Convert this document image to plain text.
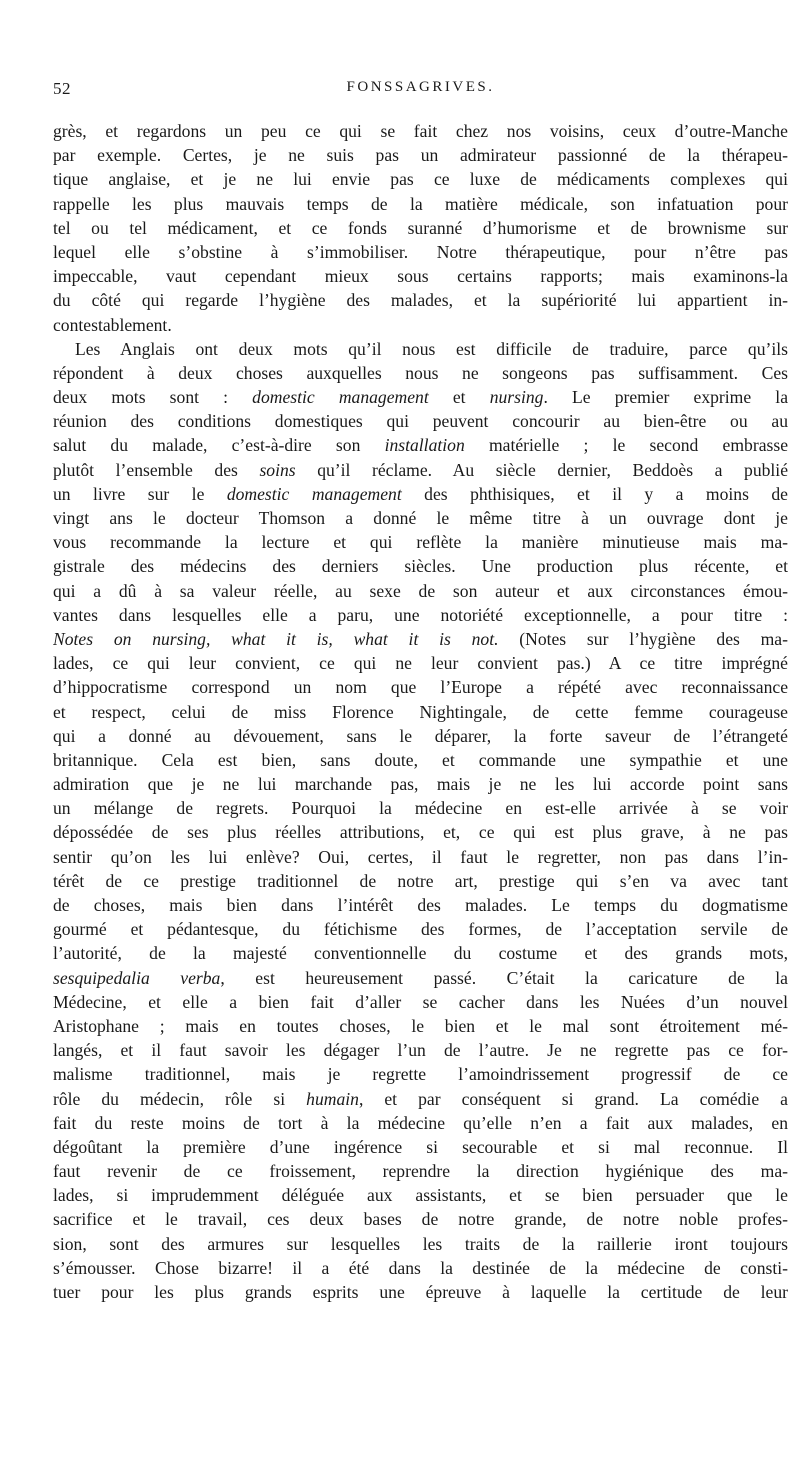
52	FONSSAGRIVES.
grès, et regardons un peu ce qui se fait chez nos voisins, ceux d’outre-Manche
par exemple. Certes, je ne suis pas un admirateur passionné de la thérapeu-
tique anglaise, et je ne lui envie pas ce luxe de médicaments complexes qui
rappelle les plus mauvais temps de la matière médicale, son infatuation pour
tel ou tel médicament, et ce fonds suranné d’humorisme et de brownisme sur
lequel elle s’obstine à s’immobiliser. Notre thérapeutique, pour n’être pas
impeccable, vaut cependant mieux sous certains rapports; mais examinons-la
du côté qui regarde l’hygiène des malades, et la supériorité lui appartient in-
contestablement.
Les Anglais ont deux mots qu’il nous est difficile de traduire, parce qu’ils
répondent à deux choses auxquelles nous ne songeons pas suffisamment. Ces
deux mots sont : domestic management et nursing. Le premier exprime la
réunion des conditions domestiques qui peuvent concourir au bien-être ou au
salut du malade, c’est-à-dire son installation matérielle ; le second embrasse
plutôt l’ensemble des soins qu’il réclame. Au siècle dernier, Beddoès a publié
un livre sur le domestic management des phthisiques, et il y a moins de
vingt ans le docteur Thomson a donné le même titre à un ouvrage dont je
vous recommande la lecture et qui reflète la manière minutieuse mais ma-
gistrale des médecins des derniers siècles. Une production plus récente, et
qui a dû à sa valeur réelle, au sexe de son auteur et aux circonstances émou-
vantes dans lesquelles elle a paru, une notoriété exceptionnelle, a pour titre :
Notes on nursing, what it is, what it is not. (Notes sur l’hygiène des ma-
lades, ce qui leur convient, ce qui ne leur convient pas.) A ce titre imprégné
d’hippocratisme correspond un nom que l’Europe a répété avec reconnaissance
et respect, celui de miss Florence Nightingale, de cette femme courageuse
qui a donné au dévouement, sans le déparer, la forte saveur de l’étrangeté
britannique. Cela est bien, sans doute, et commande une sympathie et une
admiration que je ne lui marchande pas, mais je ne les lui accorde point sans
un mélange de regrets. Pourquoi la médecine en est-elle arrivée à se voir
dépossédée de ses plus réelles attributions, et, ce qui est plus grave, à ne pas
sentir qu’on les lui enlève? Oui, certes, il faut le regretter, non pas dans l’in-
térêt de ce prestige traditionnel de notre art, prestige qui s’en va avec tant
de choses, mais bien dans l’intérêt des malades. Le temps du dogmatisme
gourmé et pédantesque, du fétichisme des formes, de l’acceptation servile de
l’autorité, de la majesté conventionnelle du costume et des grands mots,
sesquipedalia verba, est heureusement passé. C’était la caricature de la
Médecine, et elle a bien fait d’aller se cacher dans les Nuées d’un nouvel
Aristophane ; mais en toutes choses, le bien et le mal sont étroitement mé-
langés, et il faut savoir les dégager l’un de l’autre. Je ne regrette pas ce for-
malisme traditionnel, mais je regrette l’amoindrissement progressif de ce
rôle du médecin, rôle si humain, et par conséquent si grand. La comédie a
fait du reste moins de tort à la médecine qu’elle n’en a fait aux malades, en
dégoûtant la première d’une ingérence si secourable et si mal reconnue. Il
faut revenir de ce froissement, reprendre la direction hygiénique des ma-
lades, si imprudemment déléguée aux assistants, et se bien persuader que le
sacrifice et le travail, ces deux bases de notre grande, de notre noble profes-
sion, sont des armures sur lesquelles les traits de la raillerie iront toujours
s’émousser. Chose bizarre! il a été dans la destinée de la médecine de consti-
tuer pour les plus grands esprits une épreuve à laquelle la certitude de leur
